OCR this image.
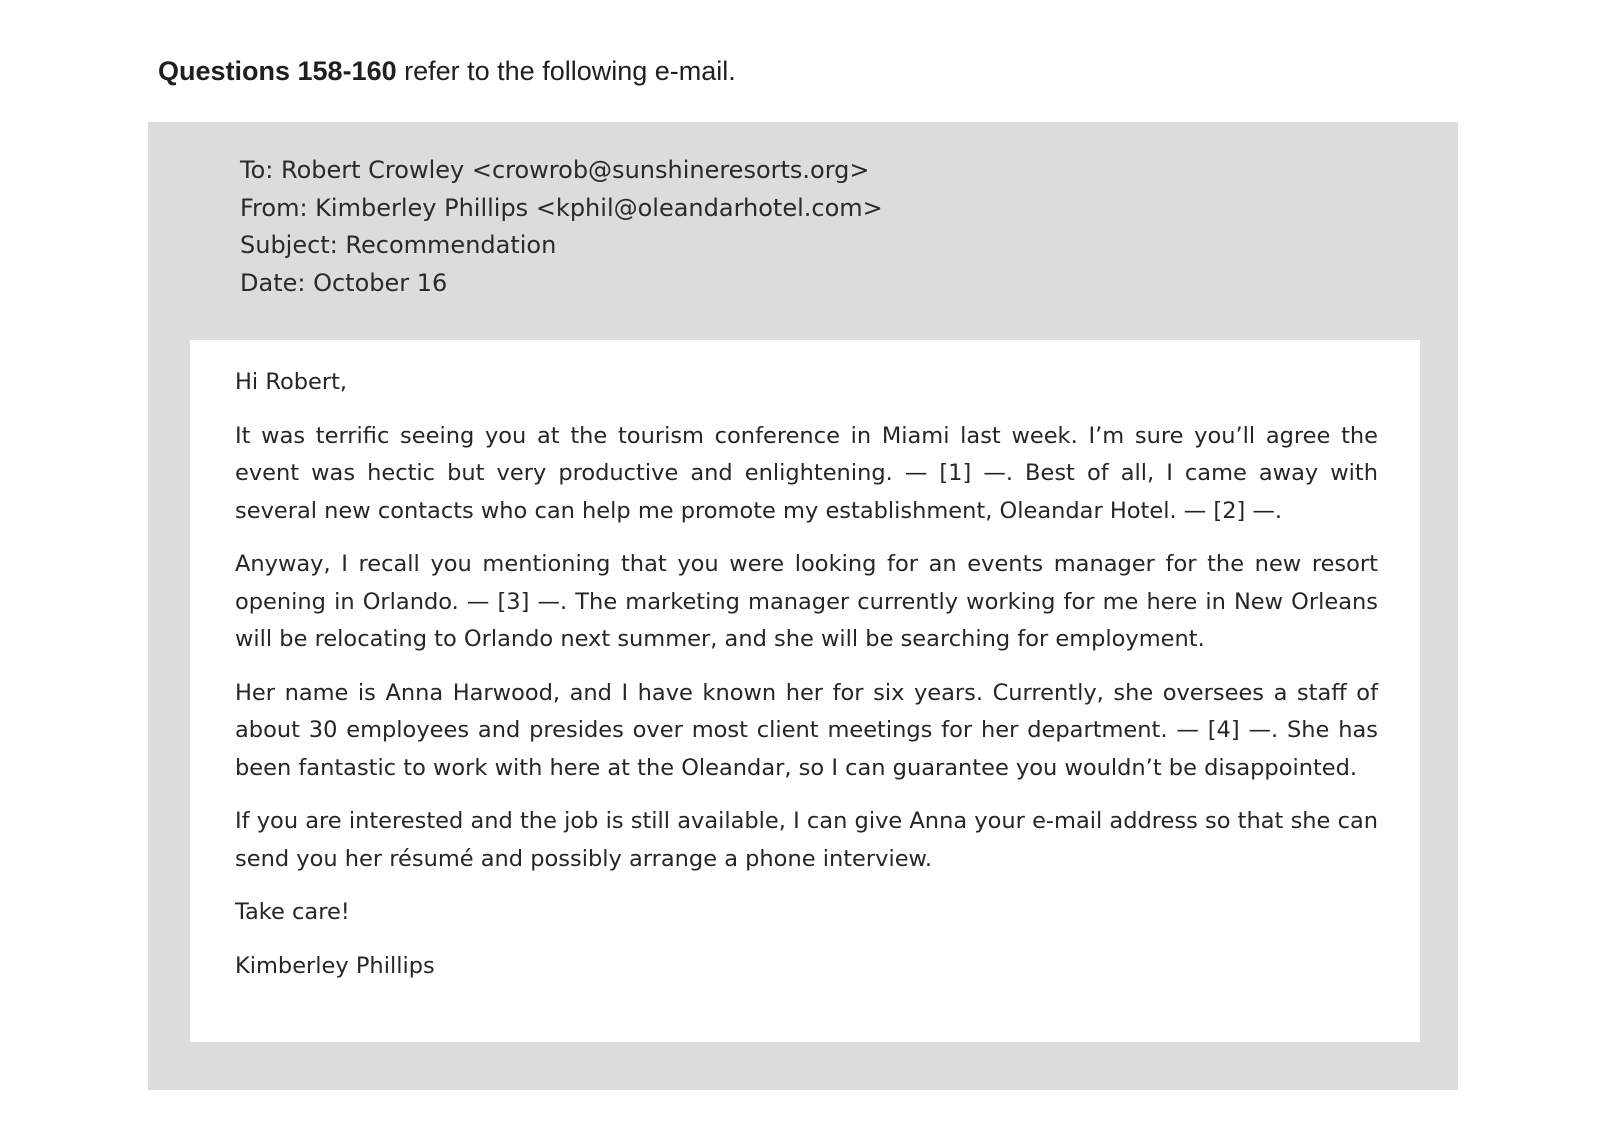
Questions 158-160 refer to the following e-mail.
To: Robert Crowley <crowrob@sunshineresorts.org>
From: Kimberley Phillips <kphil@oleandarhotel.com>
Subject: Recommendation
Date: October 16

Hi Robert,

It was terrific seeing you at the tourism conference in Miami last week. I’m sure you’ll agree the event was hectic but very productive and enlightening. — [1] —. Best of all, I came away with several new contacts who can help me promote my establishment, Oleandar Hotel. — [2] —.

Anyway, I recall you mentioning that you were looking for an events manager for the new resort opening in Orlando. — [3] —. The marketing manager currently working for me here in New Orleans will be relocating to Orlando next summer, and she will be searching for employment.

Her name is Anna Harwood, and I have known her for six years. Currently, she oversees a staff of about 30 employees and presides over most client meetings for her department. — [4] —. She has been fantastic to work with here at the Oleandar, so I can guarantee you wouldn’t be disappointed.

If you are interested and the job is still available, I can give Anna your e-mail address so that she can send you her résumé and possibly arrange a phone interview.

Take care!

Kimberley Phillips
